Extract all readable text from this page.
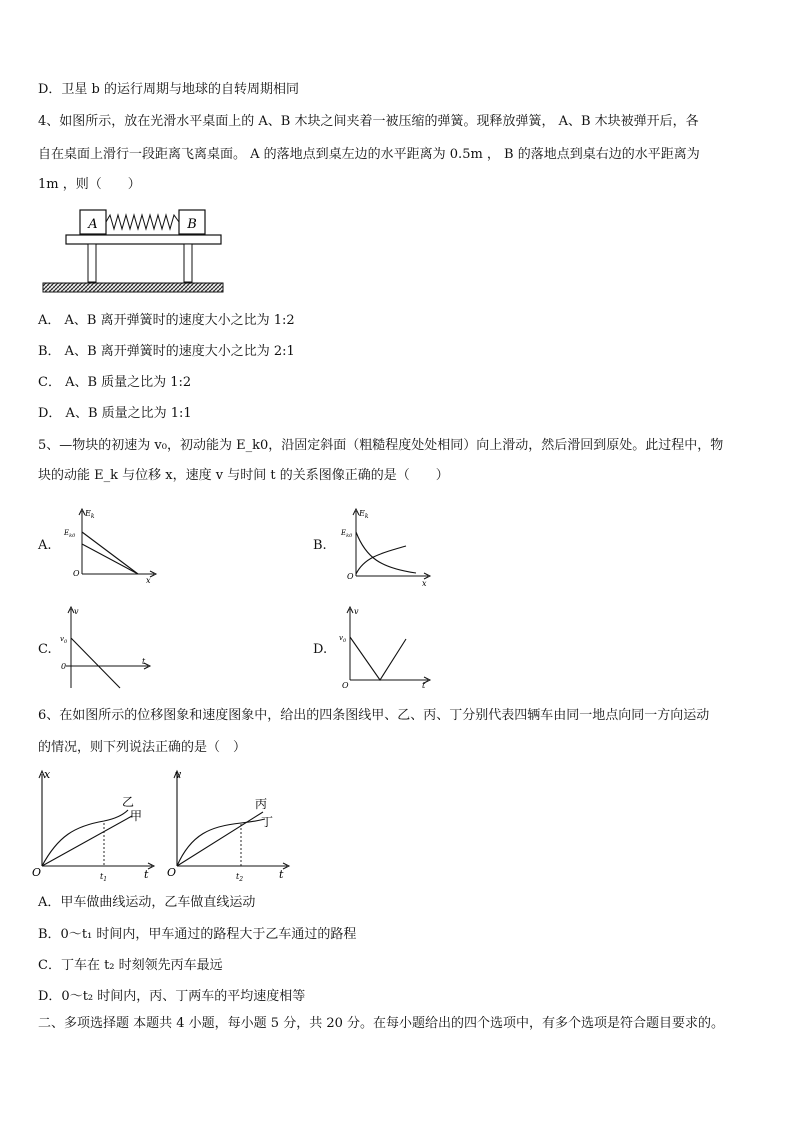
D．卫星 b 的运行周期与地球的自转周期相同
4、如图所示，放在光滑水平桌面上的 A、B 木块之间夹着一被压缩的弹簧。现释放弹簧， A、B 木块被弹开后，各
自在桌面上滑行一段距离飞离桌面。 A 的落地点到桌左边的水平距离为 0.5m ， B 的落地点到桌右边的水平距离为
1m ，则（　　）
A	B
A． A、B 离开弹簧时的速度大小之比为 1:2
B． A、B 离开弹簧时的速度大小之比为 2:1
C． A、B 质量之比为 1:2
D． A、B 质量之比为 1:1
5、—物块的初速为 v₀，初动能为 E_k0，沿固定斜面（粗糙程度处处相同）向上滑动，然后滑回到原处。此过程中，物
块的动能 E_k 与位移 x，速度 v 与时间 t 的关系图像正确的是（　　）
A.
$E_k$
$E_{k0}$
O
x
B.
$E_k$
$E_{k0}$
O
x
C.
v
$v_0$
0
t
D.
v
$v_0$
O	t
6、在如图所示的位移图象和速度图象中，给出的四条图线甲、乙、丙、丁分别代表四辆车由同一地点向同一方向运动
的情况，则下列说法正确的是（　）
x
O	t
$t_1$
乙
甲
v
O	t
$t_2$
丙
丁
A．甲车做曲线运动，乙车做直线运动
B．0～t₁ 时间内，甲车通过的路程大于乙车通过的路程
C．丁车在 t₂ 时刻领先丙车最远
D．0～t₂ 时间内，丙、丁两车的平均速度相等
二、多项选择题 本题共 4 小题，每小题 5 分，共 20 分。在每小题给出的四个选项中，有多个选项是符合题目要求的。
